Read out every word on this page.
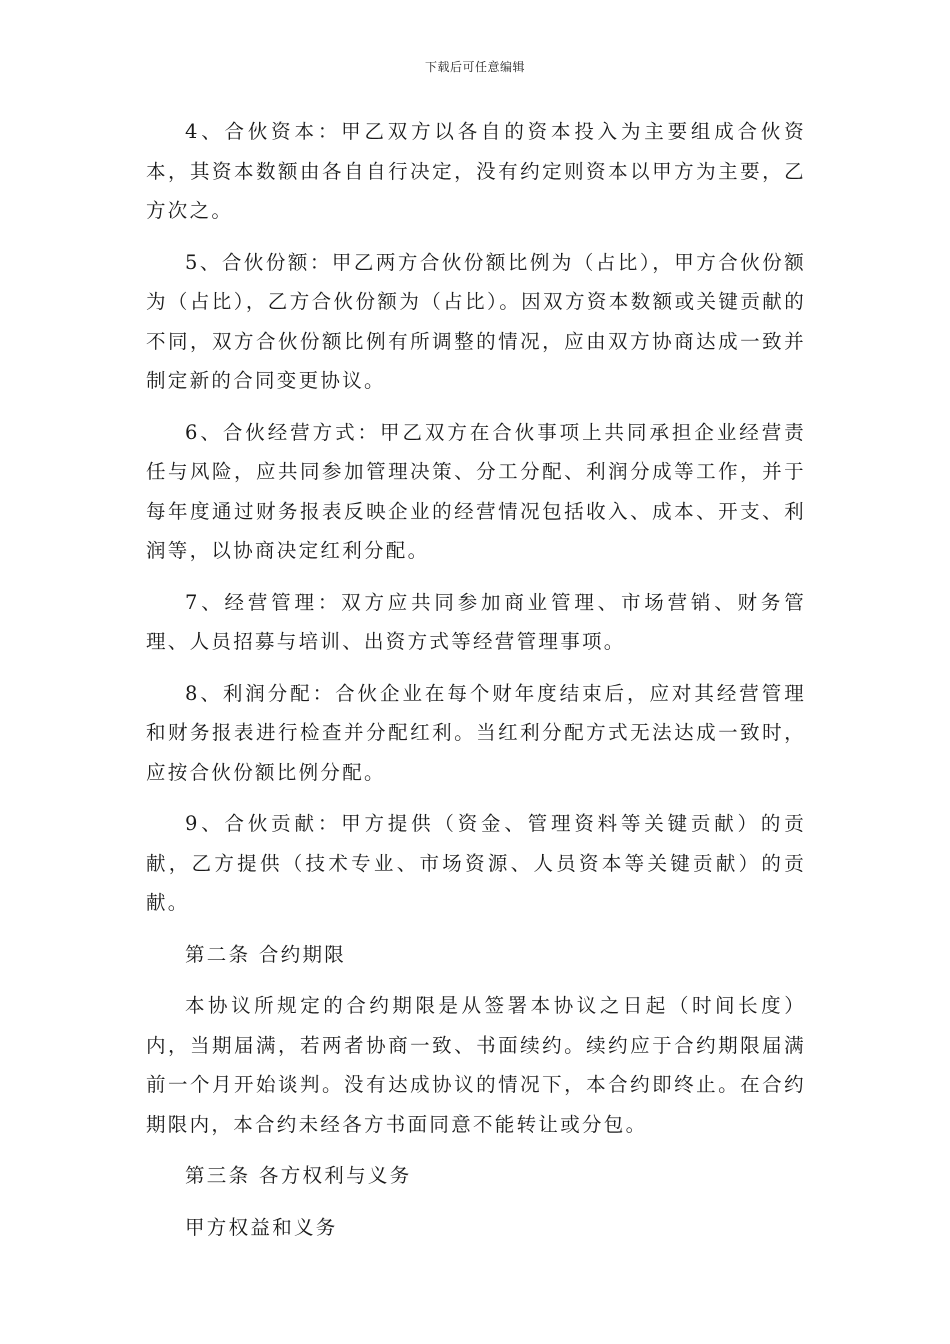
下载后可任意编辑

4、合伙资本：甲乙双方以各自的资本投入为主要组成合伙资本，其资本数额由各自自行决定，没有约定则资本以甲方为主要，乙方次之。

5、合伙份额：甲乙两方合伙份额比例为（占比），甲方合伙份额为（占比），乙方合伙份额为（占比）。因双方资本数额或关键贡献的不同，双方合伙份额比例有所调整的情况，应由双方协商达成一致并制定新的合同变更协议。

6、合伙经营方式：甲乙双方在合伙事项上共同承担企业经营责任与风险，应共同参加管理决策、分工分配、利润分成等工作，并于每年度通过财务报表反映企业的经营情况包括收入、成本、开支、利润等，以协商决定红利分配。

7、经营管理：双方应共同参加商业管理、市场营销、财务管理、人员招募与培训、出资方式等经营管理事项。

8、利润分配：合伙企业在每个财年度结束后，应对其经营管理和财务报表进行检查并分配红利。当红利分配方式无法达成一致时，应按合伙份额比例分配。

9、合伙贡献：甲方提供（资金、管理资料等关键贡献）的贡献，乙方提供（技术专业、市场资源、人员资本等关键贡献）的贡献。

第二条 合约期限

本协议所规定的合约期限是从签署本协议之日起（时间长度）内，当期届满，若两者协商一致、书面续约。续约应于合约期限届满前一个月开始谈判。没有达成协议的情况下，本合约即终止。在合约期限内，本合约未经各方书面同意不能转让或分包。

第三条 各方权利与义务

甲方权益和义务
